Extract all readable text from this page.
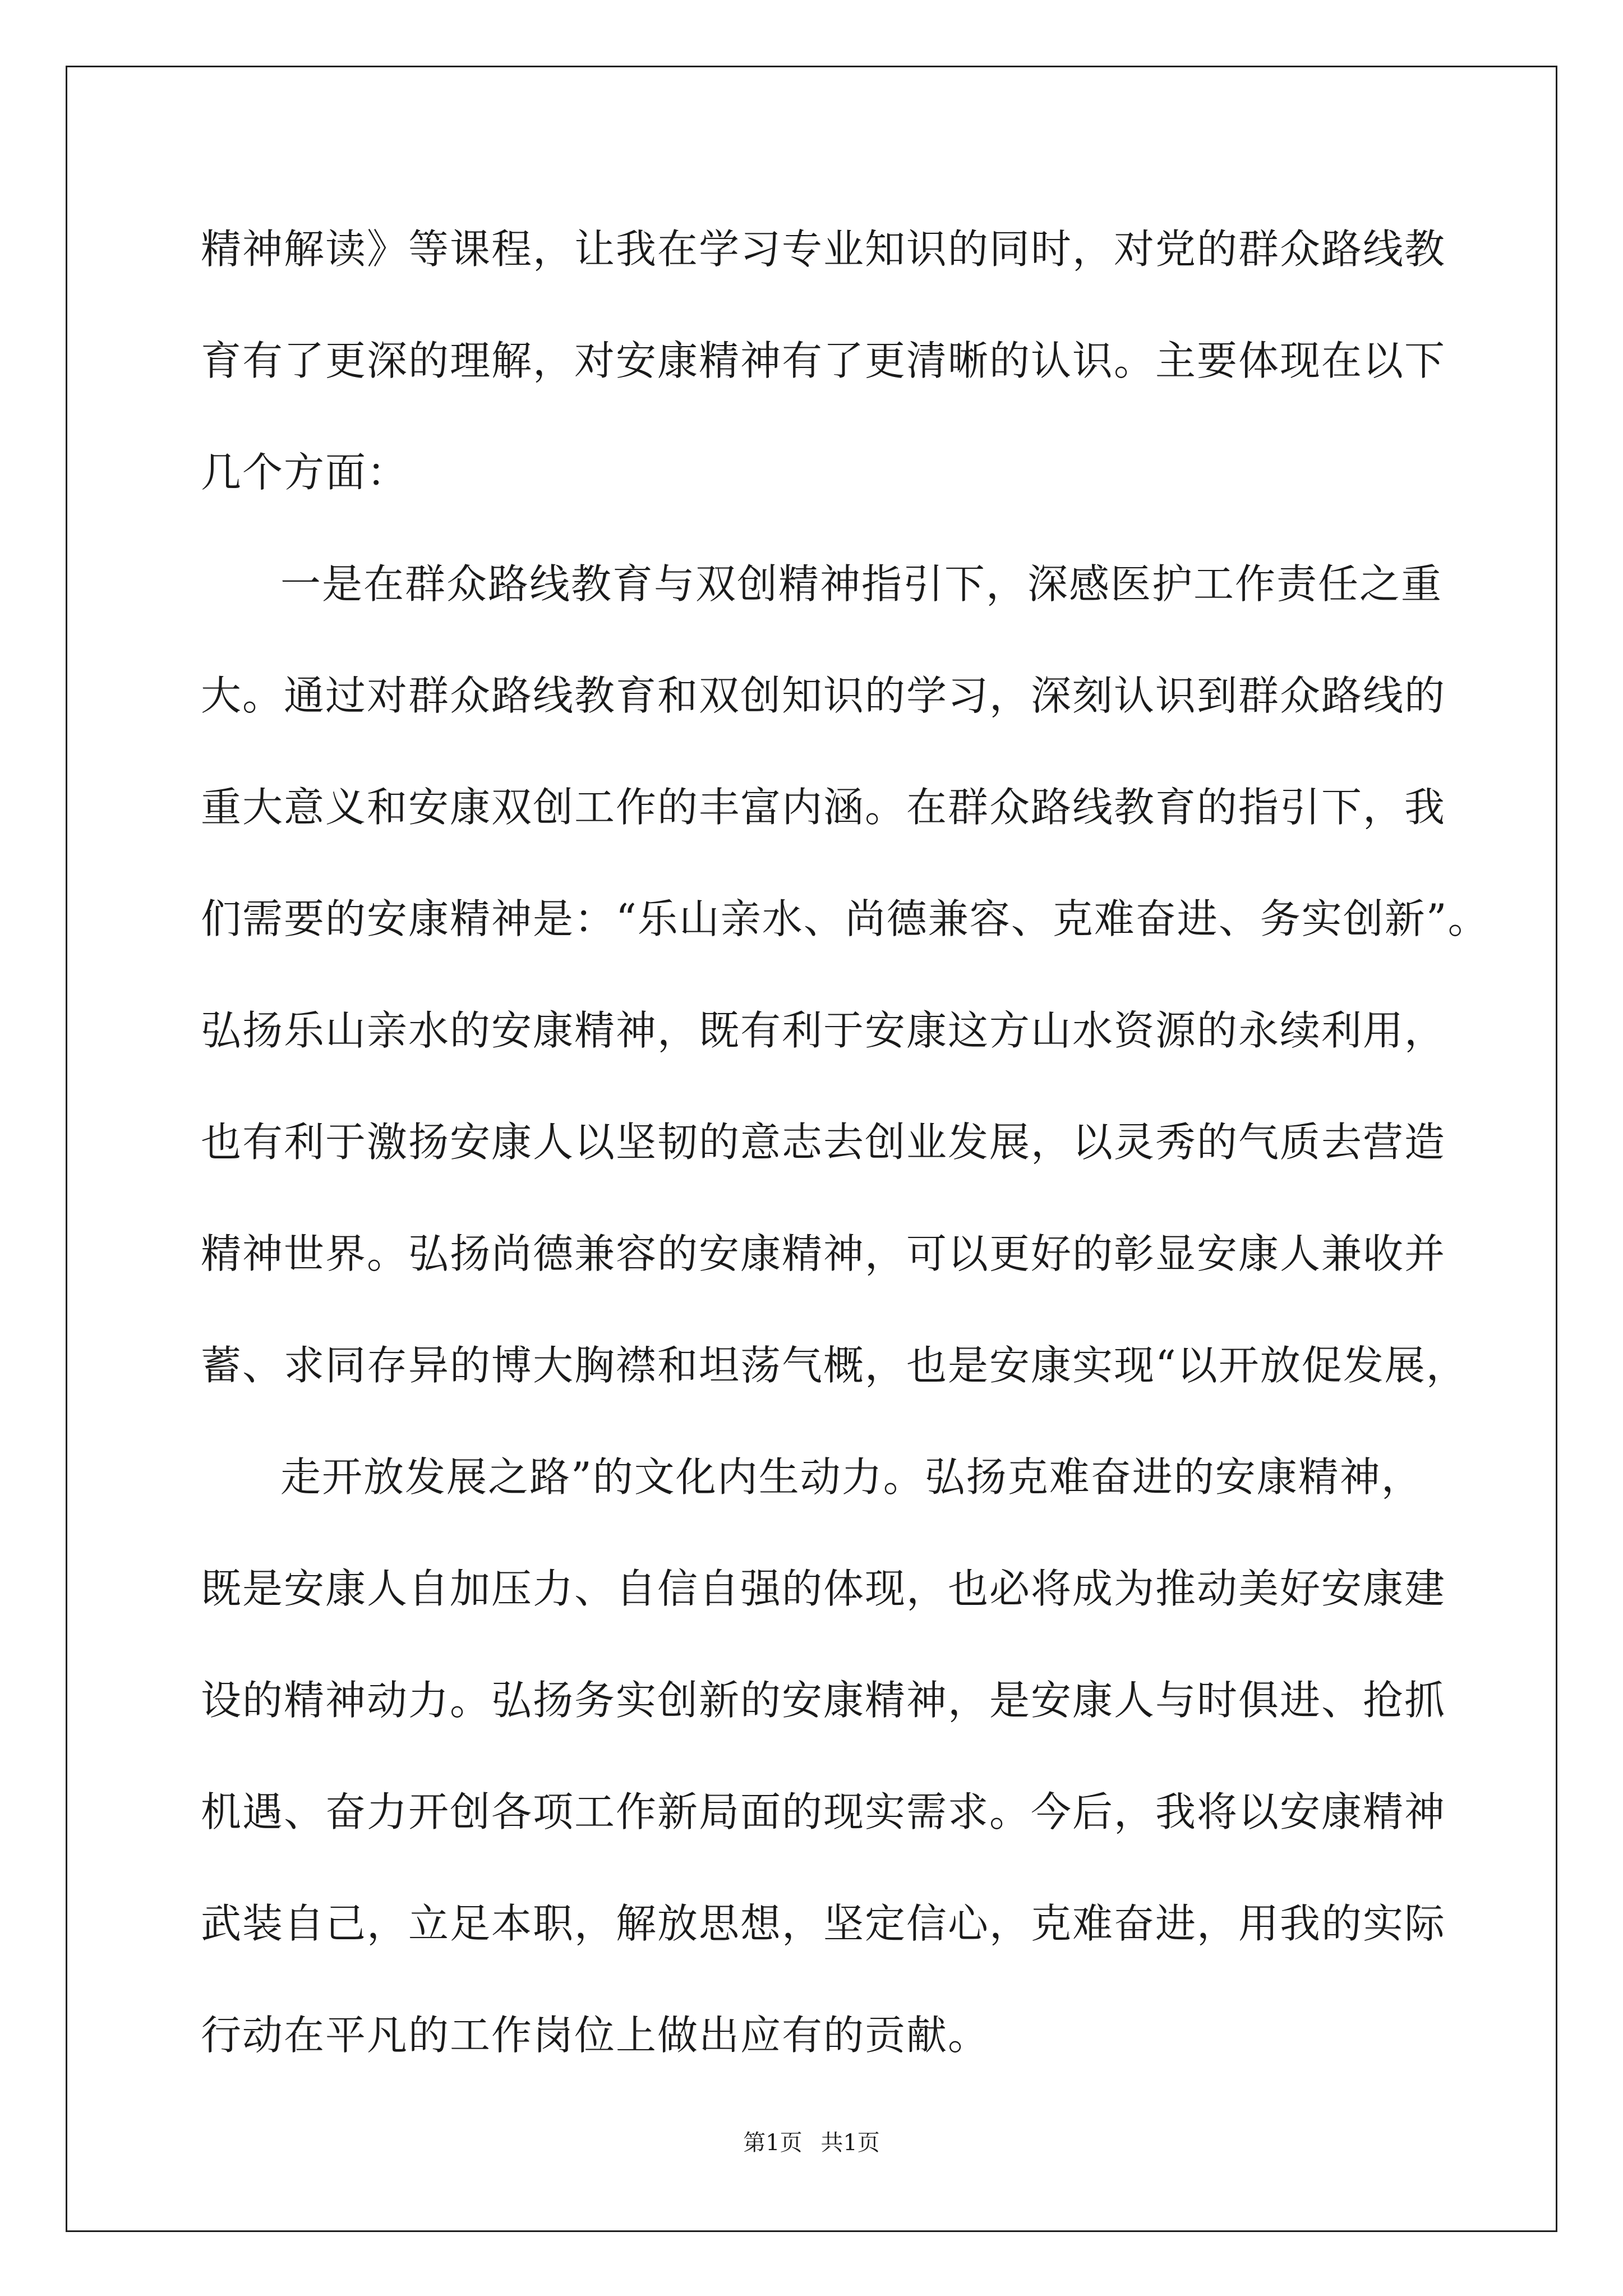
精神解读》等课程，让我在学习专业知识的同时，对党的群众路线教

育有了更深的理解，对安康精神有了更清晰的认识。主要体现在以下

几个方面：

一是在群众路线教育与双创精神指引下，深感医护工作责任之重

大。通过对群众路线教育和双创知识的学习，深刻认识到群众路线的

重大意义和安康双创工作的丰富内涵。在群众路线教育的指引下，我

们需要的安康精神是：“乐山亲水、尚德兼容、克难奋进、务实创新”。

弘扬乐山亲水的安康精神，既有利于安康这方山水资源的永续利用，

也有利于激扬安康人以坚韧的意志去创业发展，以灵秀的气质去营造

精神世界。弘扬尚德兼容的安康精神，可以更好的彰显安康人兼收并

蓄、求同存异的博大胸襟和坦荡气概，也是安康实现“以开放促发展，

走开放发展之路”的文化内生动力。弘扬克难奋进的安康精神，

既是安康人自加压力、自信自强的体现，也必将成为推动美好安康建

设的精神动力。弘扬务实创新的安康精神，是安康人与时俱进、抢抓

机遇、奋力开创各项工作新局面的现实需求。今后，我将以安康精神

武装自己，立足本职，解放思想，坚定信心，克难奋进，用我的实际

行动在平凡的工作岗位上做出应有的贡献。

第1页 共1页
